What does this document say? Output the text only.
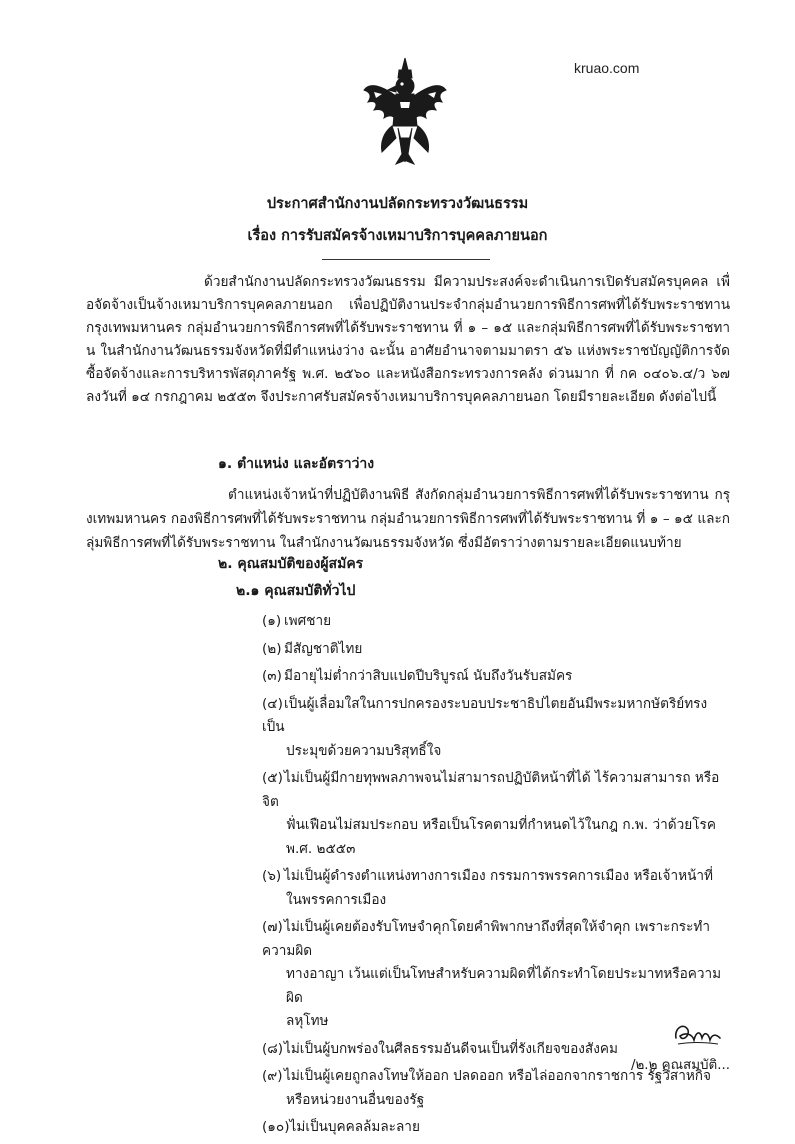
kruao.com
ประกาศสำนักงานปลัดกระทรวงวัฒนธรรม
เรื่อง การรับสมัครจ้างเหมาบริการบุคคลภายนอก
ด้วยสำนักงานปลัดกระทรวงวัฒนธรรม มีความประสงค์จะดำเนินการเปิดรับสมัครบุคคล เพื่อจัดจ้างเป็นจ้างเหมาบริการบุคคลภายนอก เพื่อปฏิบัติงานประจำกลุ่มอำนวยการพิธีการศพที่ได้รับพระราชทาน กรุงเทพมหานคร กลุ่มอำนวยการพิธีการศพที่ได้รับพระราชทาน ที่ ๑ – ๑๕ และกลุ่มพิธีการศพที่ได้รับพระราชทาน ในสำนักงานวัฒนธรรมจังหวัดที่มีตำแหน่งว่าง ฉะนั้น อาศัยอำนาจตามมาตรา ๕๖ แห่งพระราชบัญญัติการจัดซื้อจัดจ้างและการบริหารพัสดุภาครัฐ พ.ศ. ๒๕๖๐ และหนังสือกระทรวงการคลัง ด่วนมาก ที่ กค ๐๔๐๖.๔/ว ๖๗ ลงวันที่ ๑๔ กรกฎาคม ๒๕๕๓ จึงประกาศรับสมัครจ้างเหมาบริการบุคคลภายนอก โดยมีรายละเอียด ดังต่อไปนี้
๑. ตำแหน่ง และอัตราว่าง
ตำแหน่งเจ้าหน้าที่ปฏิบัติงานพิธี สังกัดกลุ่มอำนวยการพิธีการศพที่ได้รับพระราชทาน กรุงเทพมหานคร กองพิธีการศพที่ได้รับพระราชทาน กลุ่มอำนวยการพิธีการศพที่ได้รับพระราชทาน ที่ ๑ – ๑๕ และกลุ่มพิธีการศพที่ได้รับพระราชทาน ในสำนักงานวัฒนธรรมจังหวัด ซึ่งมีอัตราว่างตามรายละเอียดแนบท้าย
๒. คุณสมบัติของผู้สมัคร
๒.๑ คุณสมบัติทั่วไป
(๑) เพศชาย
(๒) มีสัญชาติไทย
(๓) มีอายุไม่ต่ำกว่าสิบแปดปีบริบูรณ์ นับถึงวันรับสมัคร
(๔)เป็นผู้เลื่อมใสในการปกครองระบอบประชาธิปไตยอันมีพระมหากษัตริย์ทรงเป็น
ประมุขด้วยความบริสุทธิ์ใจ
(๕)ไม่เป็นผู้มีกายทุพพลภาพจนไม่สามารถปฏิบัติหน้าที่ได้ ไร้ความสามารถ หรือจิต
ฟั่นเฟือนไม่สมประกอบ หรือเป็นโรคตามที่กำหนดไว้ในกฎ ก.พ. ว่าด้วยโรค
พ.ศ. ๒๕๕๓
(๖) ไม่เป็นผู้ดำรงตำแหน่งทางการเมือง กรรมการพรรคการเมือง หรือเจ้าหน้าที่
ในพรรคการเมือง
(๗)ไม่เป็นผู้เคยต้องรับโทษจำคุกโดยคำพิพากษาถึงที่สุดให้จำคุก เพราะกระทำความผิด
ทางอาญา เว้นแต่เป็นโทษสำหรับความผิดที่ได้กระทำโดยประมาทหรือความผิด
ลหุโทษ
(๘)ไม่เป็นผู้บกพร่องในศีลธรรมอันดีจนเป็นที่รังเกียจของสังคม
(๙)ไม่เป็นผู้เคยถูกลงโทษให้ออก ปลดออก หรือไล่ออกจากราชการ รัฐวิสาหกิจ
หรือหน่วยงานอื่นของรัฐ
(๑๐)ไม่เป็นบุคคลล้มละลาย
/๒.๒ คุณสมบัติ...
